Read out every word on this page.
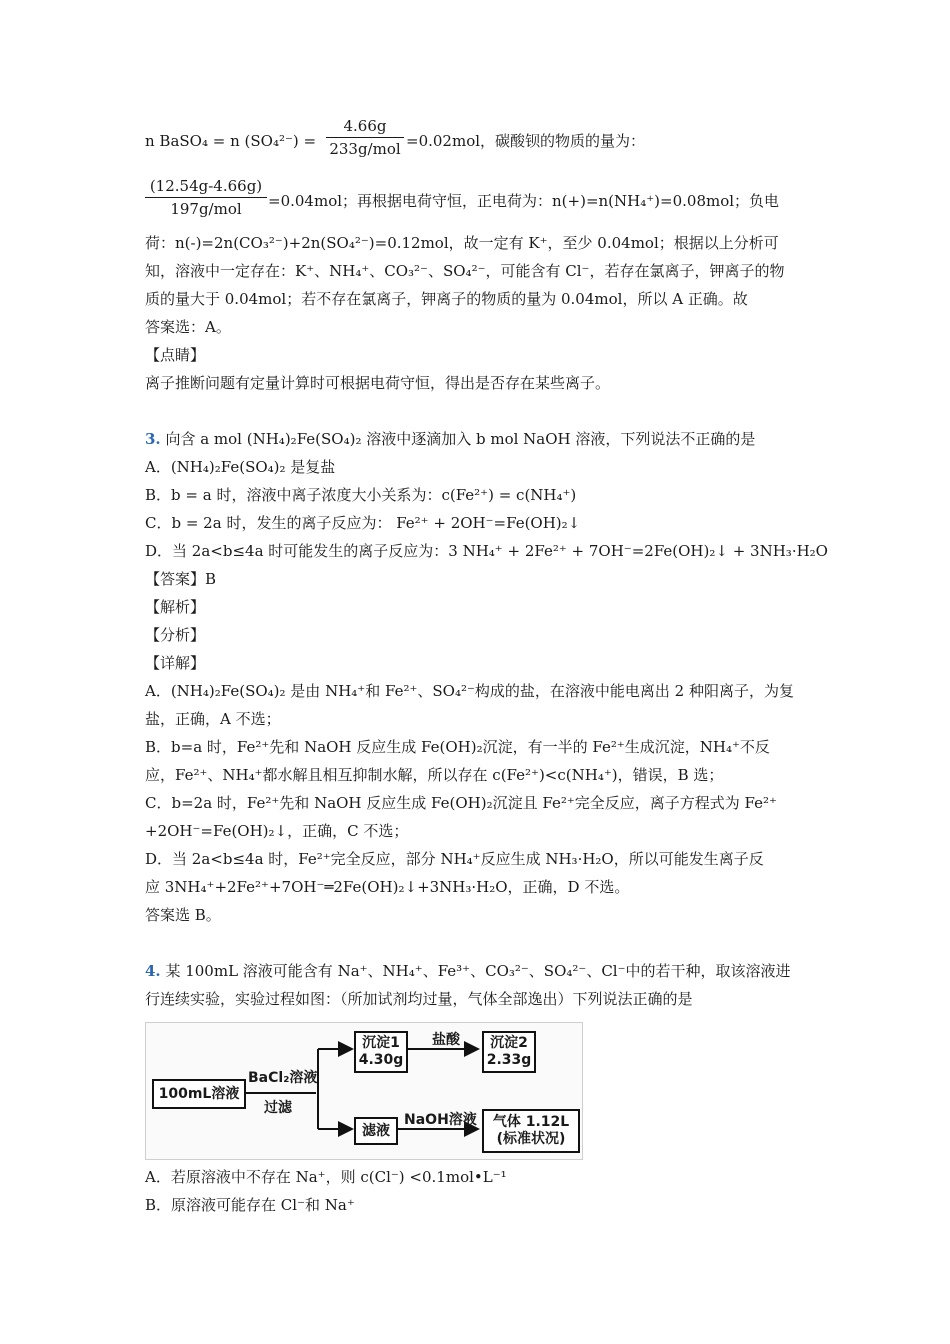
n BaSO₄ = n (SO₄²⁻) =
4.66g
233g/mol =0.02mol，碳酸钡的物质的量为：
(12.54g-4.66g)
197g/mol	=0.04mol；再根据电荷守恒，正电荷为：n(+)=n(NH₄⁺)=0.08mol；负电
荷：n(-)=2n(CO₃²⁻)+2n(SO₄²⁻)=0.12mol，故一定有 K⁺，至少 0.04mol；根据以上分析可
知，溶液中一定存在：K⁺、NH₄⁺、CO₃²⁻、SO₄²⁻，可能含有 Cl⁻，若存在氯离子，钾离子的物
质的量大于 0.04mol；若不存在氯离子，钾离子的物质的量为 0.04mol，所以 A 正确。故
答案选：A。
【点睛】
离子推断问题有定量计算时可根据电荷守恒，得出是否存在某些离子。
3. 向含 a mol (NH₄)₂Fe(SO₄)₂ 溶液中逐滴加入 b mol NaOH 溶液，下列说法不正确的是
A．(NH₄)₂Fe(SO₄)₂ 是复盐
B．b = a 时，溶液中离子浓度大小关系为：c(Fe²⁺) = c(NH₄⁺)
C．b = 2a 时，发生的离子反应为： Fe²⁺ + 2OH⁻=Fe(OH)₂↓
D．当 2a<b≤4a 时可能发生的离子反应为：3 NH₄⁺ + 2Fe²⁺ + 7OH⁻=2Fe(OH)₂↓ + 3NH₃·H₂O
【答案】B
【解析】
【分析】
【详解】
A．(NH₄)₂Fe(SO₄)₂ 是由 NH₄⁺和 Fe²⁺、SO₄²⁻构成的盐，在溶液中能电离出 2 种阳离子，为复
盐，正确，A 不选；
B．b=a 时，Fe²⁺先和 NaOH 反应生成 Fe(OH)₂沉淀，有一半的 Fe²⁺生成沉淀，NH₄⁺不反
应，Fe²⁺、NH₄⁺都水解且相互抑制水解，所以存在 c(Fe²⁺)<c(NH₄⁺)，错误，B 选；
C．b=2a 时，Fe²⁺先和 NaOH 反应生成 Fe(OH)₂沉淀且 Fe²⁺完全反应，离子方程式为 Fe²⁺
+2OH⁻=Fe(OH)₂↓，正确，C 不选；
D．当 2a<b≤4a 时，Fe²⁺完全反应，部分 NH₄⁺反应生成 NH₃·H₂O，所以可能发生离子反
应 3NH₄⁺+2Fe²⁺+7OH⁻═2Fe(OH)₂↓+3NH₃·H₂O，正确，D 不选。
答案选 B。
4. 某 100mL 溶液可能含有 Na⁺、NH₄⁺、Fe³⁺、CO₃²⁻、SO₄²⁻、Cl⁻中的若干种，取该溶液进
行连续实验，实验过程如图：（所加试剂均过量，气体全部逸出）下列说法正确的是
100mL溶液
BaCl₂溶液
过滤
沉淀1
4.30g
盐酸 沉淀2
2.33g
滤液
NaOH溶液 气体 1.12L
(标准状况)
A．若原溶液中不存在 Na⁺，则 c(Cl⁻) <0.1mol•L⁻¹
B．原溶液可能存在 Cl⁻和 Na⁺
